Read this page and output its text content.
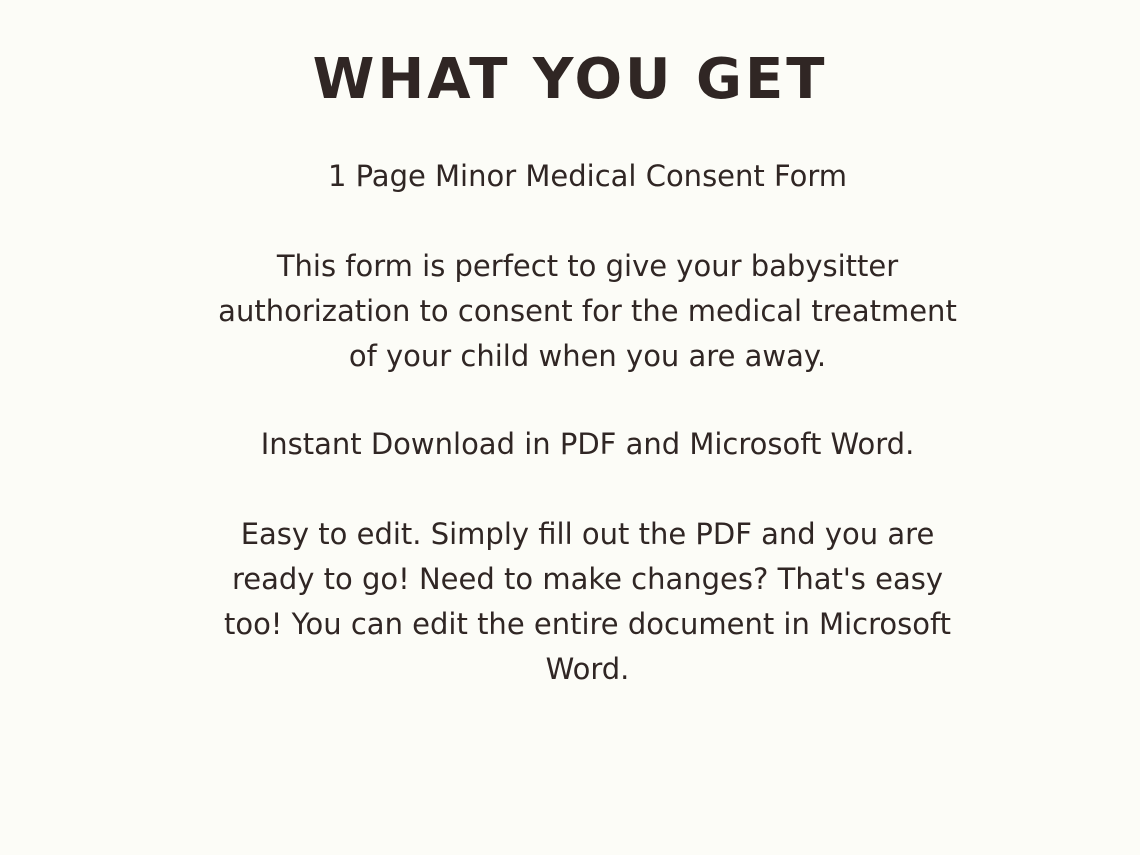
WHAT YOU GET
1 Page Minor Medical Consent Form
This form is perfect to give your babysitter
authorization to consent for the medical treatment
of your child when you are away.
Instant Download in PDF and Microsoft Word.
Easy to edit. Simply fill out the PDF and you are
ready to go! Need to make changes? That's easy
too! You can edit the entire document in Microsoft
Word.
